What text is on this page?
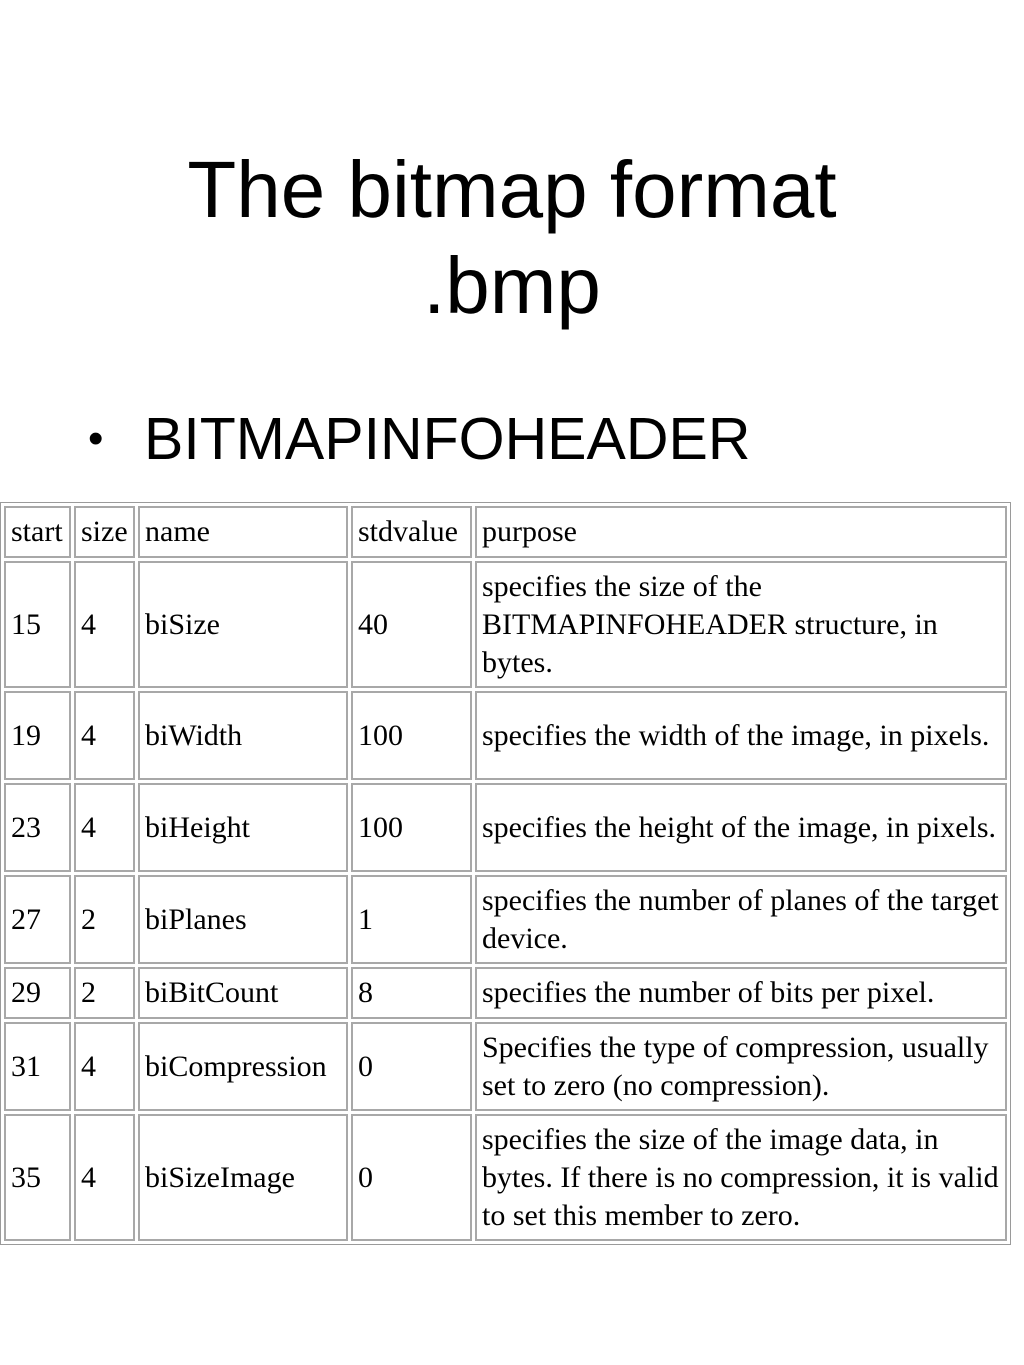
The bitmap format
.bmp
• BITMAPINFOHEADER
start	size	name	stdvalue	purpose
15	4	biSize	40	specifies the size of the BITMAPINFOHEADER structure, in bytes.
19	4	biWidth	100	specifies the width of the image, in pixels.
23	4	biHeight	100	specifies the height of the image, in pixels.
27	2	biPlanes	1	specifies the number of planes of the target device.
29	2	biBitCount	8	specifies the number of bits per pixel.
31	4	biCompression	0	Specifies the type of compression, usually set to zero (no compression).
35	4	biSizeImage	0	specifies the size of the image data, in bytes. If there is no compression, it is valid to set this member to zero.
